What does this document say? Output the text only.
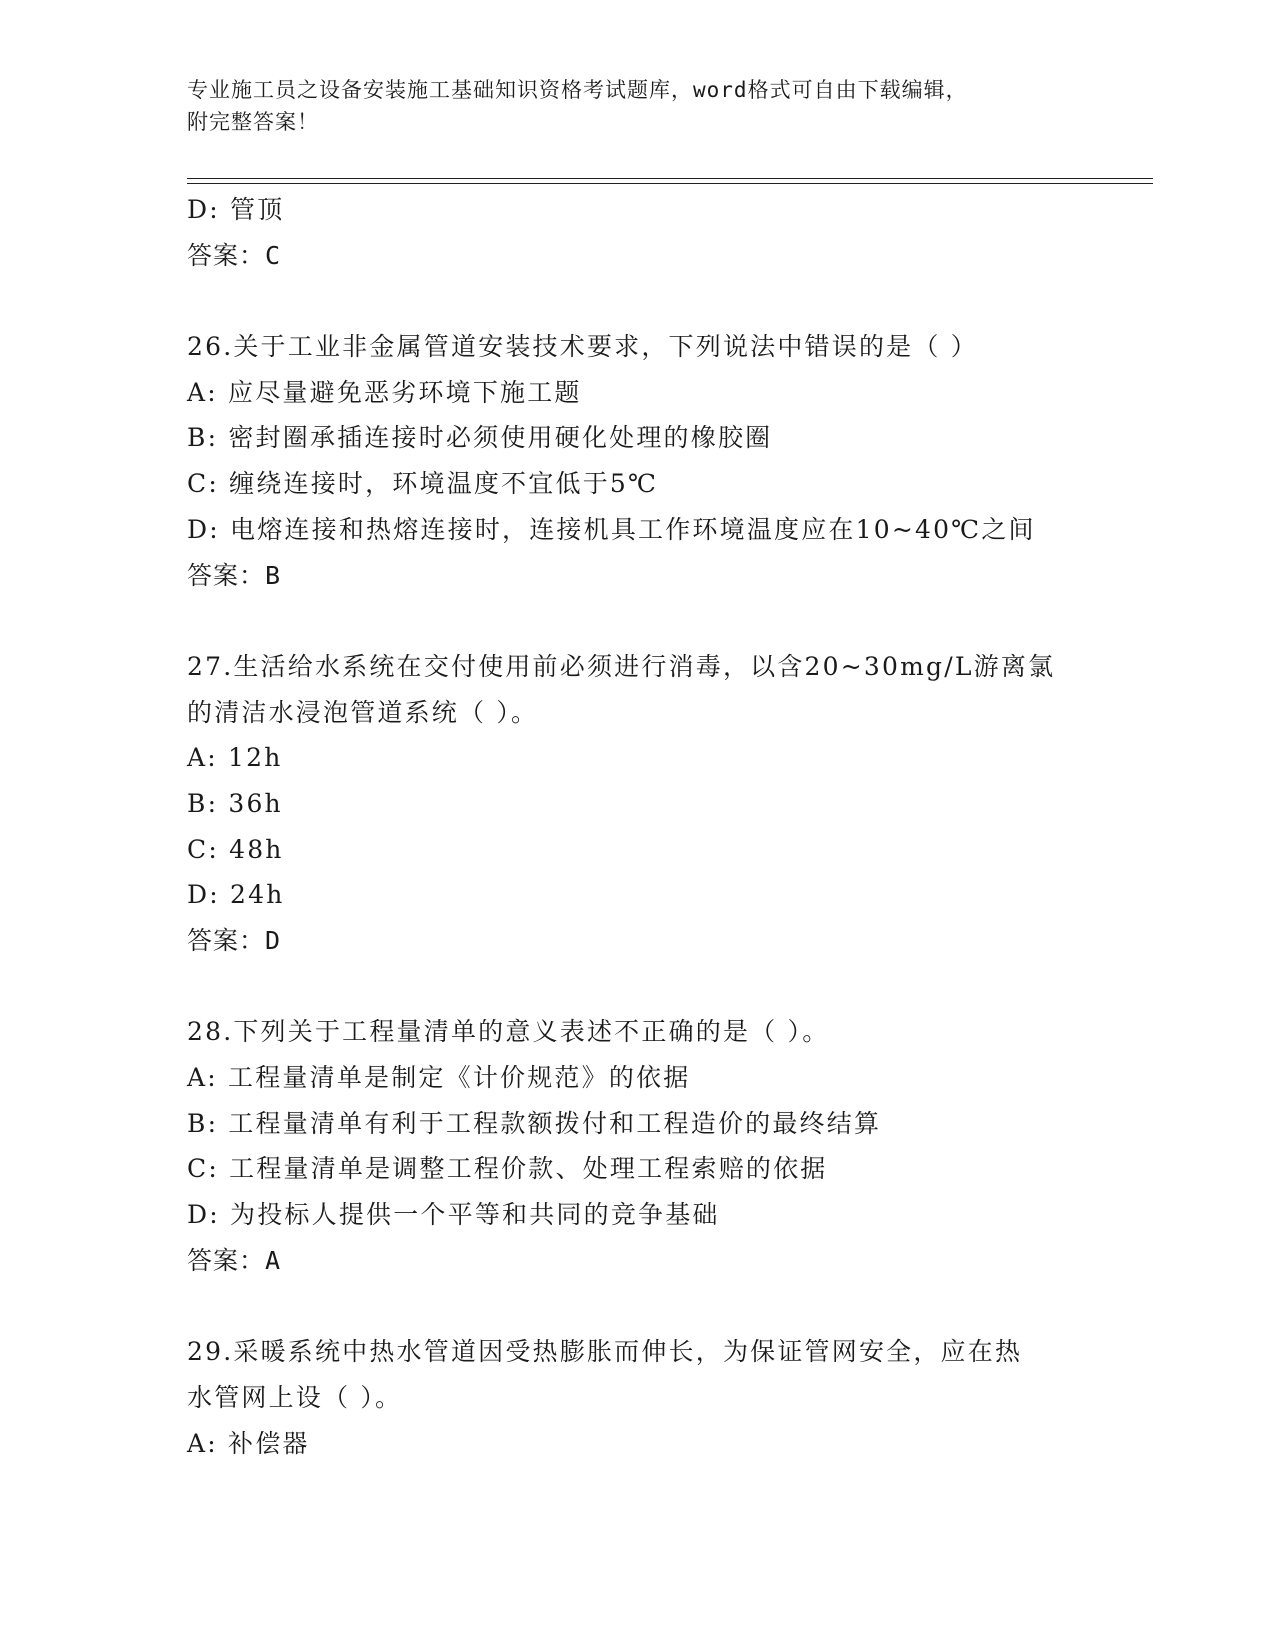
专业施工员之设备安装施工基础知识资格考试题库，word格式可自由下载编辑，
附完整答案！
D: 管顶
答案：C
26.关于工业非金属管道安装技术要求，下列说法中错误的是（ ）
A: 应尽量避免恶劣环境下施工题
B: 密封圈承插连接时必须使用硬化处理的橡胶圈
C: 缠绕连接时，环境温度不宜低于5℃
D: 电熔连接和热熔连接时，连接机具工作环境温度应在10~40℃之间
答案：B
27.生活给水系统在交付使用前必须进行消毒，以含20~30mg/L游离氯
的清洁水浸泡管道系统（ ）。
A: 12h
B: 36h
C: 48h
D: 24h
答案：D
28.下列关于工程量清单的意义表述不正确的是（ ）。
A: 工程量清单是制定《计价规范》的依据
B: 工程量清单有利于工程款额拨付和工程造价的最终结算
C: 工程量清单是调整工程价款、处理工程索赔的依据
D: 为投标人提供一个平等和共同的竞争基础
答案：A
29.采暖系统中热水管道因受热膨胀而伸长，为保证管网安全，应在热
水管网上设（ ）。
A: 补偿器
